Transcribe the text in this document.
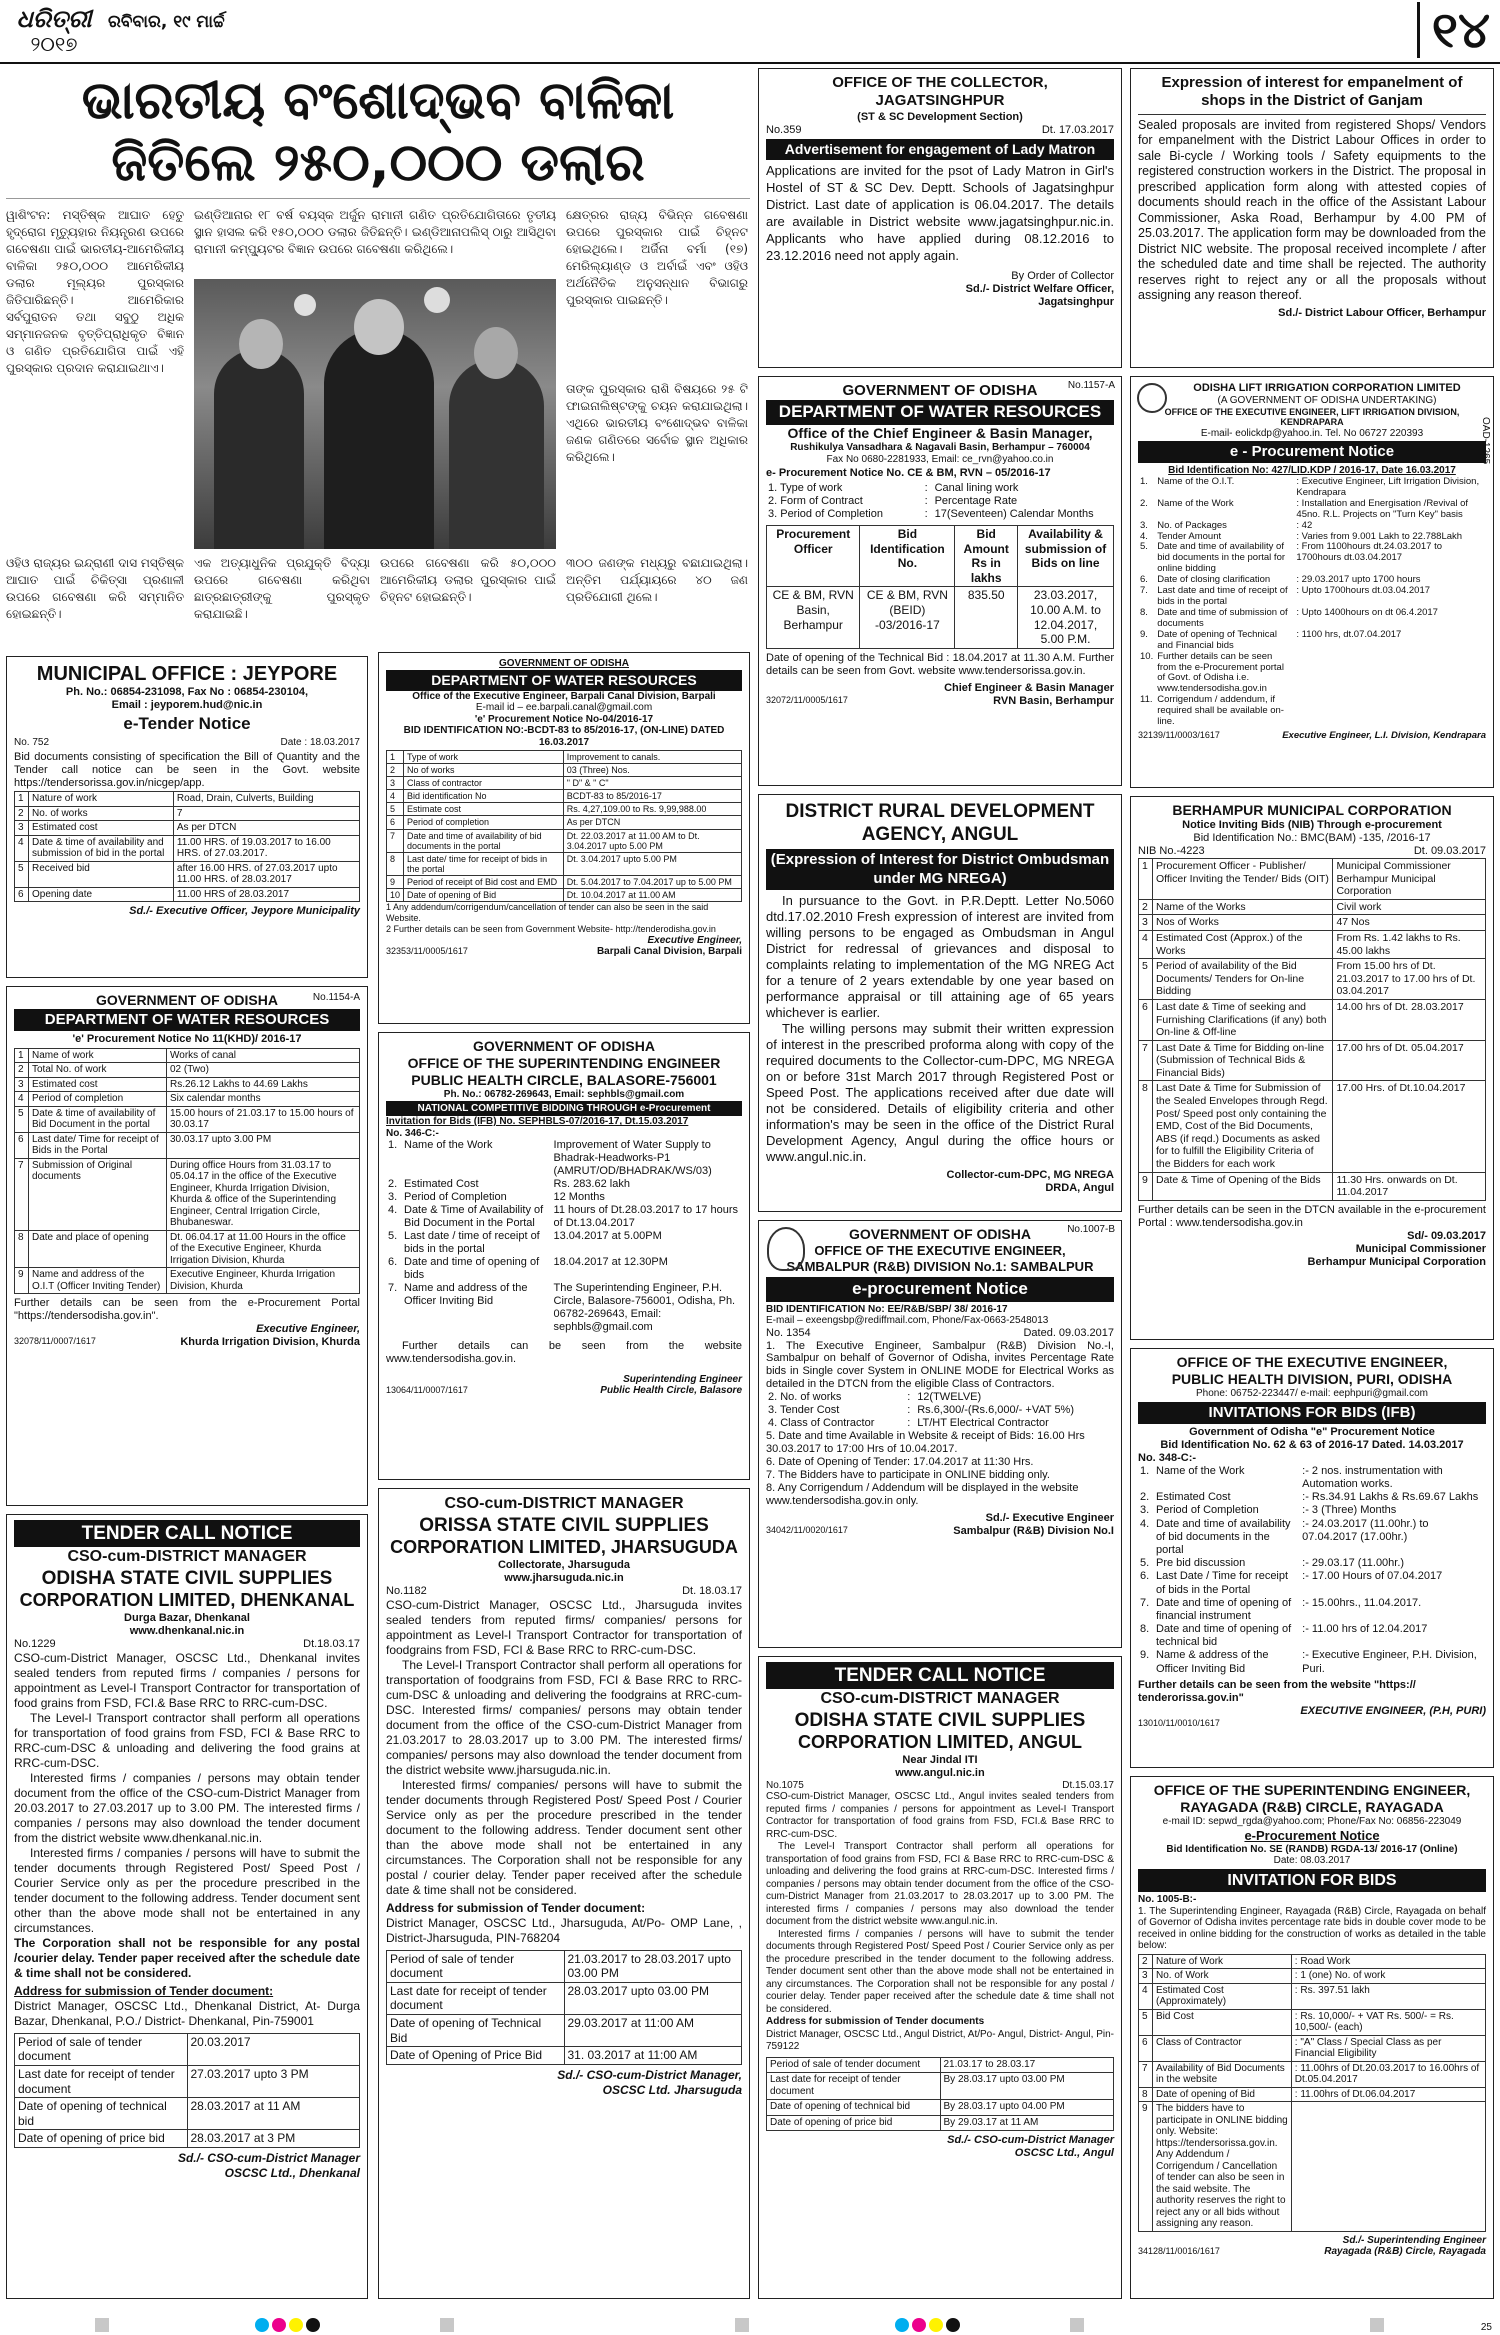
ଧରିତ୍ରୀ
୨୦୧୭
ରବିବାର, ୧୯ ମାର୍ଚ୍ଚ	୧୪
ଭାରତୀୟ ବଂଶୋଦ୍ଭବ ବାଳିକା
ଜିତିଲେ ୨୫୦,୦୦୦ ଡଲାର
ୱାଶିଂଟନ: ମସ୍ତିଷ୍କ ଆଘାତ ହେତୁ ହୃଦ୍ରୋଗ ମୃତ୍ୟୁହାର ନିୟନ୍ତ୍ରଣ ଉପରେ ଗବେଷଣା ପାଇଁ ଭାରତୀୟ-ଆମେରିକୀୟ ବାଳିକା ୨୫୦,୦୦୦ ଆମେରିକୀୟ ଡଲାର ମୂଲ୍ୟର ପୁରସ୍କାର ଜିତିପାରିଛନ୍ତି। ଆମେରିକାର ସର୍ବପୁରାତନ ତଥା ସବୁଠୁ ଅଧିକ ସମ୍ମାନଜନକ ବୃତ୍ତିପ୍ରାଧିକୃତ ବିଜ୍ଞାନ ଓ ଗଣିତ ପ୍ରତିଯୋଗିତା ପାଇଁ ଏହି ପୁରସ୍କାର ପ୍ରଦାନ କରାଯାଇଥାଏ।
ଇଣ୍ଡିଆନାର ୧୮ ବର୍ଷ ବୟସ୍କ ଅର୍ଜୁନ ରାମାନୀ ଗଣିତ ପ୍ରତିଯୋଗିତାରେ ତୃତୀୟ ସ୍ଥାନ ହାସଲ କରି ୧୫୦,୦୦୦ ଡଲାର ଜିତିଛନ୍ତି। ଇଣ୍ଡିଆନାପଲିସ୍ ଠାରୁ ଆସିଥିବା ରାମାନୀ କମ୍ପ୍ୟୁଟର ବିଜ୍ଞାନ ଉପରେ ଗବେଷଣା କରିଥିଲେ।
କ୍ଷେତ୍ରର ରାଜ୍ୟ ବିଭିନ୍ନ ଗବେଷଣା ଉପରେ ପୁରସ୍କାର ପାଇଁ ଚିହ୍ନଟ ହୋଇଥିଲେ। ଅର୍ଜିନା ବର୍ମା (୧୭) ମେରିଲ୍ୟାଣ୍ଡ ଓ ଅର୍ବାଇଁ ଏବଂ ଓହିଓ ଅର୍ଥନୈତିକ ଅନୁସନ୍ଧାନ ବିଭାଗରୁ ପୁରସ୍କାର ପାଇଛନ୍ତି।
ତାଙ୍କ ପୁରସ୍କାର ରାଶି ବିଷୟରେ ୨୫ ଟି ଫାଇନାଲିଷ୍ଟଙ୍କୁ ଚୟନ କରାଯାଇଥିଲା। ଏଥିରେ ଭାରତୀୟ ବଂଶୋଦ୍ଭବ ବାଳିକା ଜଣକ ଗଣିତରେ ସର୍ବୋଚ୍ଚ ସ୍ଥାନ ଅଧିକାର କରିଥିଲେ।
ଓହିଓ ରାଜ୍ୟର ଇନ୍ଦ୍ରାଣୀ ଦାସ ମସ୍ତିଷ୍କ ଆଘାତ ପାଇଁ ଚିକିତ୍ସା ପ୍ରଣାଳୀ ଉପରେ ଗବେଷଣା କରି ସମ୍ମାନିତ ହୋଇଛନ୍ତି।
ଏକ ଅତ୍ୟାଧୁନିକ ପ୍ରଯୁକ୍ତି ବିଦ୍ୟା ଉପରେ ଗବେଷଣା କରିଥିବା ଛାତ୍ରଛାତ୍ରୀଙ୍କୁ ପୁରସ୍କୃତ କରାଯାଇଛି।
ଉପରେ ଗବେଷଣା କରି ୫୦,୦୦୦ ଆମେରିକୀୟ ଡଲାର ପୁରସ୍କାର ପାଇଁ ଚିହ୍ନଟ ହୋଇଛନ୍ତି।
୩୦୦ ଜଣଙ୍କ ମଧ୍ୟରୁ ବଛାଯାଇଥିଲା। ଅନ୍ତିମ ପର୍ଯ୍ୟାୟରେ ୪୦ ଜଣ ପ୍ରତିଯୋଗୀ ଥିଲେ।
MUNICIPAL OFFICE : JEYPORE
Ph. No.: 06854-231098, Fax No : 06854-230104,
Email : jeyporem.hud@nic.in
e-Tender Notice
No. 752	Date : 18.03.2017
Bid documents consisting of specification the Bill of Quantity and the Tender call notice can be seen in the Govt. website https://tendersorissa.gov.in/nicgep/app.
1	Nature of work	Road, Drain, Culverts, Building
2	No. of works	7
3	Estimated cost	As per DTCN
4	Date & time of availability and submission of bid in the portal	11.00 HRS. of 19.03.2017 to 16.00 HRS. of 27.03.2017.
5	Received bid	after 16.00 HRS. of 27.03.2017 upto 11.00 HRS. of 28.03.2017
6	Opening date	11.00 HRS of 28.03.2017
Sd./- Executive Officer, Jeypore Municipality
No.1154-A
GOVERNMENT OF ODISHA
DEPARTMENT OF WATER RESOURCES
'e' Procurement Notice No 11(KHD)/ 2016-17
1	Name of work	Works of canal
2	Total No. of work	02 (Two)
3	Estimated cost	Rs.26.12 Lakhs to 44.69 Lakhs
4	Period of completion	Six calendar months
5	Date & time of availability of Bid Document in the portal	15.00 hours of 21.03.17 to 15.00 hours of 30.03.17
6	Last date/ Time for receipt of Bids in the Portal	30.03.17 upto 3.00 PM
7	Submission of Original documents	During office Hours from 31.03.17 to 05.04.17 in the office of the Executive Engineer, Khurda Irrigation Division, Khurda & office of the Superintending Engineer, Central Irrigation Circle, Bhubaneswar.
8	Date and place of opening	Dt. 06.04.17 at 11.00 Hours in the office of the Executive Engineer, Khurda Irrigation Division, Khurda
9	Name and address of the O.I.T (Officer Inviting Tender)	Executive Engineer, Khurda Irrigation Division, Khurda
Further details can be seen from the e-Procurement Portal "https://tendersodisha.gov.in".
Executive Engineer,
32078/11/0007/1617	Khurda Irrigation Division, Khurda
TENDER CALL NOTICE
CSO-cum-DISTRICT MANAGER
ODISHA STATE CIVIL SUPPLIES
CORPORATION LIMITED, DHENKANAL
Durga Bazar, Dhenkanal
www.dhenkanal.nic.in
No.1229	Dt.18.03.17

CSO-cum-District Manager, OSCSC Ltd., Dhenkanal invites sealed tenders from reputed firms / companies / persons for appointment as Level-I Transport Contractor for transportation of food grains from FSD, FCI.& Base RRC to RRC-cum-DSC.

The Level-I Transport contractor shall perform all operations for transportation of food grains from FSD, FCI & Base RRC to RRC-cum-DSC & unloading and delivering the food grains at RRC-cum-DSC.

Interested firms / companies / persons may obtain tender document from the office of the CSO-cum-District Manager from 20.03.2017 to 27.03.2017 up to 3.00 PM. The interested firms / companies / persons may also download the tender document from the district website www.dhenkanal.nic.in.

Interested firms / companies / persons will have to submit the tender documents through Registered Post/ Speed Post / Courier Service only as per the procedure prescribed in the tender document to the following address. Tender document sent other than the above mode shall not be entertained in any circumstances.

The Corporation shall not be responsible for any postal /courier delay. Tender paper received after the schedule date & time shall not be considered.

Address for submission of Tender document:

District Manager, OSCSC Ltd., Dhenkanal District, At- Durga Bazar, Dhenkanal, P.O./ District- Dhenkanal, Pin-759001

Period of sale of tender document	20.03.2017
Last date for receipt of tender document	27.03.2017 upto 3 PM
Date of opening of technical bid	28.03.2017 at 11 AM
Date of opening of price bid	28.03.2017 at 3 PM
Sd./- CSO-cum-District Manager
OSCSC Ltd., Dhenkanal
GOVERNMENT OF ODISHA
DEPARTMENT OF WATER RESOURCES
Office of the Executive Engineer, Barpali Canal Division, Barpali
E-mail id – ee.barpali.canal@gmail.com
'e' Procurement Notice No-04/2016-17
BID IDENTIFICATION NO:-BCDT-83 to 85/2016-17, (ON-LINE) DATED 16.03.2017
1	Type of work	Improvement to canals.
2	No of works	03 (Three) Nos.
3	Class of contractor	" D" & " C"
4	Bid identification No	BCDT-83 to 85/2016-17
5	Estimate cost	Rs. 4,27,109.00 to Rs. 9,99,988.00
6	Period of completion	As per DTCN
7	Date and time of availability of bid documents in the portal	Dt. 22.03.2017 at 11.00 AM to Dt. 3.04.2017 upto 5.00 PM
8	Last date/ time for receipt of bids in the portal	Dt. 3.04.2017 upto 5.00 PM
9	Period of receipt of Bid cost and EMD	Dt. 5.04.2017 to 7.04.2017 up to 5.00 PM
10	Date of opening of Bid	Dt. 10.04.2017 at 11.00 AM
1 Any addendum/corrigendum/cancellation of tender can also be seen in the said Website.
2 Further details can be seen from Government Website- http://tenderodisha.gov.in
Executive Engineer,
32353/11/0005/1617	Barpali Canal Division, Barpali
GOVERNMENT OF ODISHA
OFFICE OF THE SUPERINTENDING ENGINEER
PUBLIC HEALTH CIRCLE, BALASORE-756001
Ph. No.: 06782-269643, Email: sephbls@gmail.com
NATIONAL COMPETITIVE BIDDING THROUGH e-Procurement
Invitation for Bids (IFB) No. SEPHBLS-07/2016-17, Dt.15.03.2017
No. 346-C:-
1.	Name of the Work	Improvement of Water Supply to Bhadrak-Headworks-P1 (AMRUT/OD/BHADRAK/WS/03)
2.	Estimated Cost	Rs. 283.62 lakh
3.	Period of Completion	12 Months
4.	Date & Time of Availability of Bid Document in the Portal	11 hours of Dt.28.03.2017 to 17 hours of Dt.13.04.2017
5.	Last date / time of receipt of bids in the portal	13.04.2017 at 5.00PM
6.	Date and time of opening of bids	18.04.2017 at 12.30PM
7.	Name and address of the Officer Inviting Bid	The Superintending Engineer, P.H. Circle, Balasore-756001, Odisha, Ph. 06782-269643, Email: sephbls@gmail.com
Further details can be seen from the website www.tendersodisha.gov.in.
Superintending Engineer
13064/11/0007/1617	Public Health Circle, Balasore
CSO-cum-DISTRICT MANAGER
ORISSA STATE CIVIL SUPPLIES
CORPORATION LIMITED, JHARSUGUDA
Collectorate, Jharsuguda
www.jharsuguda.nic.in
No.1182	Dt. 18.03.17

CSO-cum-District Manager, OSCSC Ltd., Jharsuguda invites sealed tenders from reputed firms/ companies/ persons for appointment as Level-I Transport Contractor for transportation of foodgrains from FSD, FCI & Base RRC to RRC-cum-DSC.

The Level-I Transport Contractor shall perform all operations for transportation of foodgrains from FSD, FCI & Base RRC to RRC-cum-DSC & unloading and delivering the foodgrains at RRC-cum-DSC. Interested firms/ companies/ persons may obtain tender document from the office of the CSO-cum-District Manager from 21.03.2017 to 28.03.2017 up to 3.00 PM. The interested firms/ companies/ persons may also download the tender document from the district website www.jharsuguda.nic.in.

Interested firms/ companies/ persons will have to submit the tender documents through Registered Post/ Speed Post / Courier Service only as per the procedure prescribed in the tender document to the following address. Tender document sent other than the above mode shall not be entertained in any circumstances. The Corporation shall not be responsible for any postal / courier delay. Tender paper received after the schedule date & time shall not be considered.

Address for submission of Tender document:

District Manager, OSCSC Ltd., Jharsuguda, At/Po- OMP Lane, , District-Jharsuguda, PIN-768204

Period of sale of tender document	21.03.2017 to 28.03.2017 upto 03.00 PM
Last date for receipt of tender document	28.03.2017 upto 03.00 PM
Date of opening of Technical Bid	29.03.2017 at 11:00 AM
Date of Opening of Price Bid	31. 03.2017 at 11:00 AM
Sd./- CSO-cum-District Manager,
OSCSC Ltd. Jharsuguda
OFFICE OF THE COLLECTOR, JAGATSINGHPUR
(ST & SC Development Section)
No.359	Dt. 17.03.2017
Advertisement for engagement of Lady Matron
Applications are invited for the psot of Lady Matron in Girl's Hostel of ST & SC Dev. Deptt. Schools of Jagatsinghpur District. Last date of application is 06.04.2017. The details are available in District website www.jagatsinghpur.nic.in. Applicants who have applied during 08.12.2016 to 23.12.2016 need not apply again.
By Order of Collector
Sd./- District Welfare Officer,
Jagatsinghpur
No.1157-A
GOVERNMENT OF ODISHA
DEPARTMENT OF WATER RESOURCES
Office of the Chief Engineer & Basin Manager,
Rushikulya Vansadhara & Nagavali Basin, Berhampur – 760004
Fax No 0680-2281933, Email: ce_rvn@yahoo.co.in
e- Procurement Notice No. CE & BM, RVN – 05/2016-17
1. Type of work	:	Canal lining work
2. Form of Contract	:	Percentage Rate
3. Period of Completion	:	17(Seventeen) Calendar Months
Procurement Officer	Bid Identification No.	Bid Amount Rs in lakhs	Availability & submission of Bids on line
CE & BM, RVN Basin, Berhampur	CE & BM, RVN (BEID) -03/2016-17	835.50	23.03.2017, 10.00 A.M. to 12.04.2017, 5.00 P.M.
Date of opening of the Technical Bid : 18.04.2017 at 11.30 A.M. Further details can be seen from Govt. website www.tendersorissa.gov.in.
Chief Engineer & Basin Manager
32072/11/0005/1617	RVN Basin, Berhampur
DISTRICT RURAL DEVELOPMENT
AGENCY, ANGUL
(Expression of Interest for District Ombudsman under MG NREGA)
In pursuance to the Govt. in P.R.Deptt. Letter No.5060 dtd.17.02.2010 Fresh expression of interest are invited from willing persons to be engaged as Ombudsman in Angul District for redressal of grievances and disposal to complaints relating to implementation of the MG NREG Act for a tenure of 2 years extendable by one year based on performance appraisal or till attaining age of 65 years whichever is earlier.
The willing persons may submit their written expression of interest in the prescribed proforma along with copy of the required documents to the Collector-cum-DPC, MG NREGA on or before 31st March 2017 through Registered Post or Speed Post. The applications received after due date will not be considered. Details of eligibility criteria and other information's may be seen in the office of the District Rural Development Agency, Angul during the office hours or www.angul.nic.in.
Collector-cum-DPC, MG NREGA
DRDA, Angul
No.1007-B
GOVERNMENT OF ODISHA
OFFICE OF THE EXECUTIVE ENGINEER,
SAMBALPUR (R&B) DIVISION No.1: SAMBALPUR
e-procurement Notice
BID IDENTIFICATION No: EE/R&B/SBP/ 38/ 2016-17
E-mail – exeengsbp@rediffmail.com, Phone/Fax-0663-2548013
No. 1354	Dated. 09.03.2017
1. The Executive Engineer, Sambalpur (R&B) Division No.-I, Sambalpur on behalf of Governor of Odisha, invites Percentage Rate bids in Single cover System in ONLINE MODE for Electrical Works as detailed in the DTCN from the eligible Class of Contractors.
2. No. of works	:	12(TWELVE)
3. Tender Cost	:	Rs.6,300/-(Rs.6,000/- +VAT 5%)
4. Class of Contractor	:	LT/HT Electrical Contractor
5. Date and time Available in Website & receipt of Bids: 16.00 Hrs 30.03.2017 to 17:00 Hrs of 10.04.2017.
6. Date of Opening of Tender: 17.04.2017 at 11:30 Hrs.
7. The Bidders have to participate in ONLINE bidding only.
8. Any Corrigendum / Addendum will be displayed in the website www.tendersodisha.gov.in only.
Sd./- Executive Engineer
34042/11/0020/1617	Sambalpur (R&B) Division No.I
TENDER CALL NOTICE
CSO-cum-DISTRICT MANAGER
ODISHA STATE CIVIL SUPPLIES
CORPORATION LIMITED, ANGUL
Near Jindal ITI
www.angul.nic.in
No.1075	Dt.15.03.17

CSO-cum-District Manager, OSCSC Ltd., Angul invites sealed tenders from reputed firms / companies / persons for appointment as Level-I Transport Contractor for transportation of food grains from FSD, FCI.& Base RRC to RRC-cum-DSC.

The Level-I Transport Contractor shall perform all operations for transportation of food grains from FSD, FCI & Base RRC to RRC-cum-DSC & unloading and delivering the food grains at RRC-cum-DSC. Interested firms / companies / persons may obtain tender document from the office of the CSO-cum-District Manager from 21.03.2017 to 28.03.2017 up to 3.00 PM. The interested firms / companies / persons may also download the tender document from the district website www.angul.nic.in.

Interested firms / companies / persons will have to submit the tender documents through Registered Post/ Speed Post / Courier Service only as per the procedure prescribed in the tender document to the following address. Tender document sent other than the above mode shall not be entertained in any circumstances. The Corporation shall not be responsible for any postal / courier delay. Tender paper received after the schedule date & time shall not be considered.

Address for submission of Tender documents

District Manager, OSCSC Ltd., Angul District, At/Po- Angul, District- Angul, Pin- 759122

Period of sale of tender document	21.03.17 to 28.03.17
Last date for receipt of tender document	By 28.03.17 upto 03.00 PM
Date of opening of technical bid	By 28.03.17 upto 04.00 PM
Date of opening of price bid	By 29.03.17 at 11 AM
Sd./- CSO-cum-District Manager
OSCSC Ltd., Angul
Expression of interest for empanelment of shops in the District of Ganjam
Sealed proposals are invited from registered Shops/ Vendors for empanelment with the District Labour Offices in order to sale Bi-cycle / Working tools / Safety equipments to the registered construction workers in the District. The proposal in prescribed application form along with attested copies of documents should reach in the office of the Assistant Labour Commissioner, Aska Road, Berhampur by 4.00 PM of 25.03.2017. The application form may be downloaded from the District NIC website. The proposal received incomplete / after the scheduled date and time shall be rejected. The authority reserves right to reject any or all the proposals without assigning any reason thereof.
Sd./- District Labour Officer, Berhampur
OAD-1265
ODISHA LIFT IRRIGATION CORPORATION LIMITED
(A GOVERNMENT OF ODISHA UNDERTAKING)
OFFICE OF THE EXECUTIVE ENGINEER, LIFT IRRIGATION DIVISION, KENDRAPARA
E-mail- eolickdp@yahoo.in. Tel. No 06727 220393
e - Procurement Notice
Bid Identification No: 427/LID.KDP / 2016-17, Date 16.03.2017
1.	Name of the O.I.T.	: Executive Engineer, Lift Irrigation Division, Kendrapara
2.	Name of the Work	: Installation and Energisation /Revival of 45no. R.L. Projects on "Turn Key" basis
3.	No. of Packages	: 42
4.	Tender Amount	: Varies from 9.001 Lakh to 22.788Lakh
5.	Date and time of availability of bid documents in the portal for online bidding	: From 1100hours dt.24.03.2017 to 1700hours dt.03.04.2017
6.	Date of closing clarification	: 29.03.2017 upto 1700 hours
7.	Last date and time of receipt of bids in the portal	: Upto 1700hours dt.03.04.2017
8.	Date and time of submission of documents	: Upto 1400hours on dt 06.4.2017
9.	Date of opening of Technical and Financial bids	: 1100 hrs, dt.07.04.2017
10.	Further details can be seen from the e-Procurement portal of Govt. of Odisha i.e. www.tendersodisha.gov.in	
11.	Corrigendum / addendum, if required shall be available on-line.	
32139/11/0003/1617	Executive Engineer, L.I. Division, Kendrapara
BERHAMPUR MUNICIPAL CORPORATION
Notice Inviting Bids (NIB) Through e-procurement
Bid Identification No.: BMC(BAM) -135, /2016-17
NIB No.-4223	Dt. 09.03.2017
1	Procurement Officer - Publisher/ Officer Inviting the Tender/ Bids (OIT)	Municipal Commissioner Berhampur Municipal Corporation
2	Name of the Works	Civil work
3	Nos of Works	47 Nos
4	Estimated Cost (Approx.) of the Works	From Rs. 1.42 lakhs to Rs. 45.00 lakhs
5	Period of availability of the Bid Documents/ Tenders for On-line Bidding	From 15.00 hrs of Dt. 21.03.2017 to 17.00 hrs of Dt. 03.04.2017
6	Last date & Time of seeking and Furnishing Clarifications (if any) both On-line & Off-line	14.00 hrs of Dt. 28.03.2017
7	Last Date & Time for Bidding on-line (Submission of Technical Bids & Financial Bids)	17.00 hrs of Dt. 05.04.2017
8	Last Date & Time for Submission of the Sealed Envelopes through Regd. Post/ Speed post only containing the EMD, Cost of the Bid Documents, ABS (if reqd.) Documents as asked for to fulfill the Eligibility Criteria of the Bidders for each work	17.00 Hrs. of Dt.10.04.2017
9	Date & Time of Opening of the Bids	11.30 Hrs. onwards on Dt. 11.04.2017
Further details can be seen in the DTCN available in the e-procurement Portal : www.tendersodisha.gov.in
Sd/- 09.03.2017
Municipal Commissioner
Berhampur Municipal Corporation
OFFICE OF THE EXECUTIVE ENGINEER,
PUBLIC HEALTH DIVISION, PURI, ODISHA
Phone: 06752-223447/ e-mail: eephpuri@gmail.com
INVITATIONS FOR BIDS (IFB)
Government of Odisha "e" Procurement Notice
Bid Identification No. 62 & 63 of 2016-17 Dated. 14.03.2017
No. 348-C:-
1.	Name of the Work	:- 2 nos. instrumentation with Automation works.
2.	Estimated Cost	:- Rs.34.91 Lakhs & Rs.69.67 Lakhs
3.	Period of Completion	:- 3 (Three) Months
4.	Date and time of availability of bid documents in the portal	:- 24.03.2017 (11.00hr.) to 07.04.2017 (17.00hr.)
5.	Pre bid discussion	:- 29.03.17 (11.00hr.)
6.	Last Date / Time for receipt of bids in the Portal	:- 17.00 Hours of 07.04.2017
7.	Date and time of opening of financial instrument	:- 15.00hrs., 11.04.2017.
8.	Date and time of opening of technical bid	:- 11.00 hrs of 12.04.2017
9.	Name & address of the Officer Inviting Bid	:- Executive Engineer, P.H. Division, Puri.
Further details can be seen from the website "https:// tenderorissa.gov.in"
EXECUTIVE ENGINEER, (P.H, PURI)
13010/11/0010/1617
OFFICE OF THE SUPERINTENDING ENGINEER,
RAYAGADA (R&B) CIRCLE, RAYAGADA
e-mail ID: sepwd_rgda@yahoo.com; Phone/Fax No: 06856-223049
e-Procurement Notice
Bid Identification No. SE (RANDB) RGDA-13/ 2016-17 (Online)
Date: 08.03.2017
INVITATION FOR BIDS
No. 1005-B:-
1. The Superintending Engineer, Rayagada (R&B) Circle, Rayagada on behalf of Governor of Odisha invites percentage rate bids in double cover mode to be received in online bidding for the construction of works as detailed in the table below:
2	Nature of Work	: Road Work
3	No. of Work	: 1 (one) No. of work
4	Estimated Cost (Approximately)	: Rs. 397.51 lakh
5	Bid Cost	: Rs. 10,000/- + VAT Rs. 500/- = Rs. 10,500/- (each)
6	Class of Contractor	: "A" Class / Special Class as per Financial Eligibility
7	Availability of Bid Documents in the website	: 11.00hrs of Dt.20.03.2017 to 16.00hrs of Dt.05.04.2017
8	Date of opening of Bid	: 11.00hrs of Dt.06.04.2017
9	The bidders have to participate in ONLINE bidding only. Website: https://tendersorissa.gov.in. Any Addendum / Corrigendum / Cancellation of tender can also be seen in the said website. The authority reserves the right to reject any or all bids without assigning any reason.	
Sd./- Superintending Engineer
34128/11/0016/1617	Rayagada (R&B) Circle, Rayagada
25
